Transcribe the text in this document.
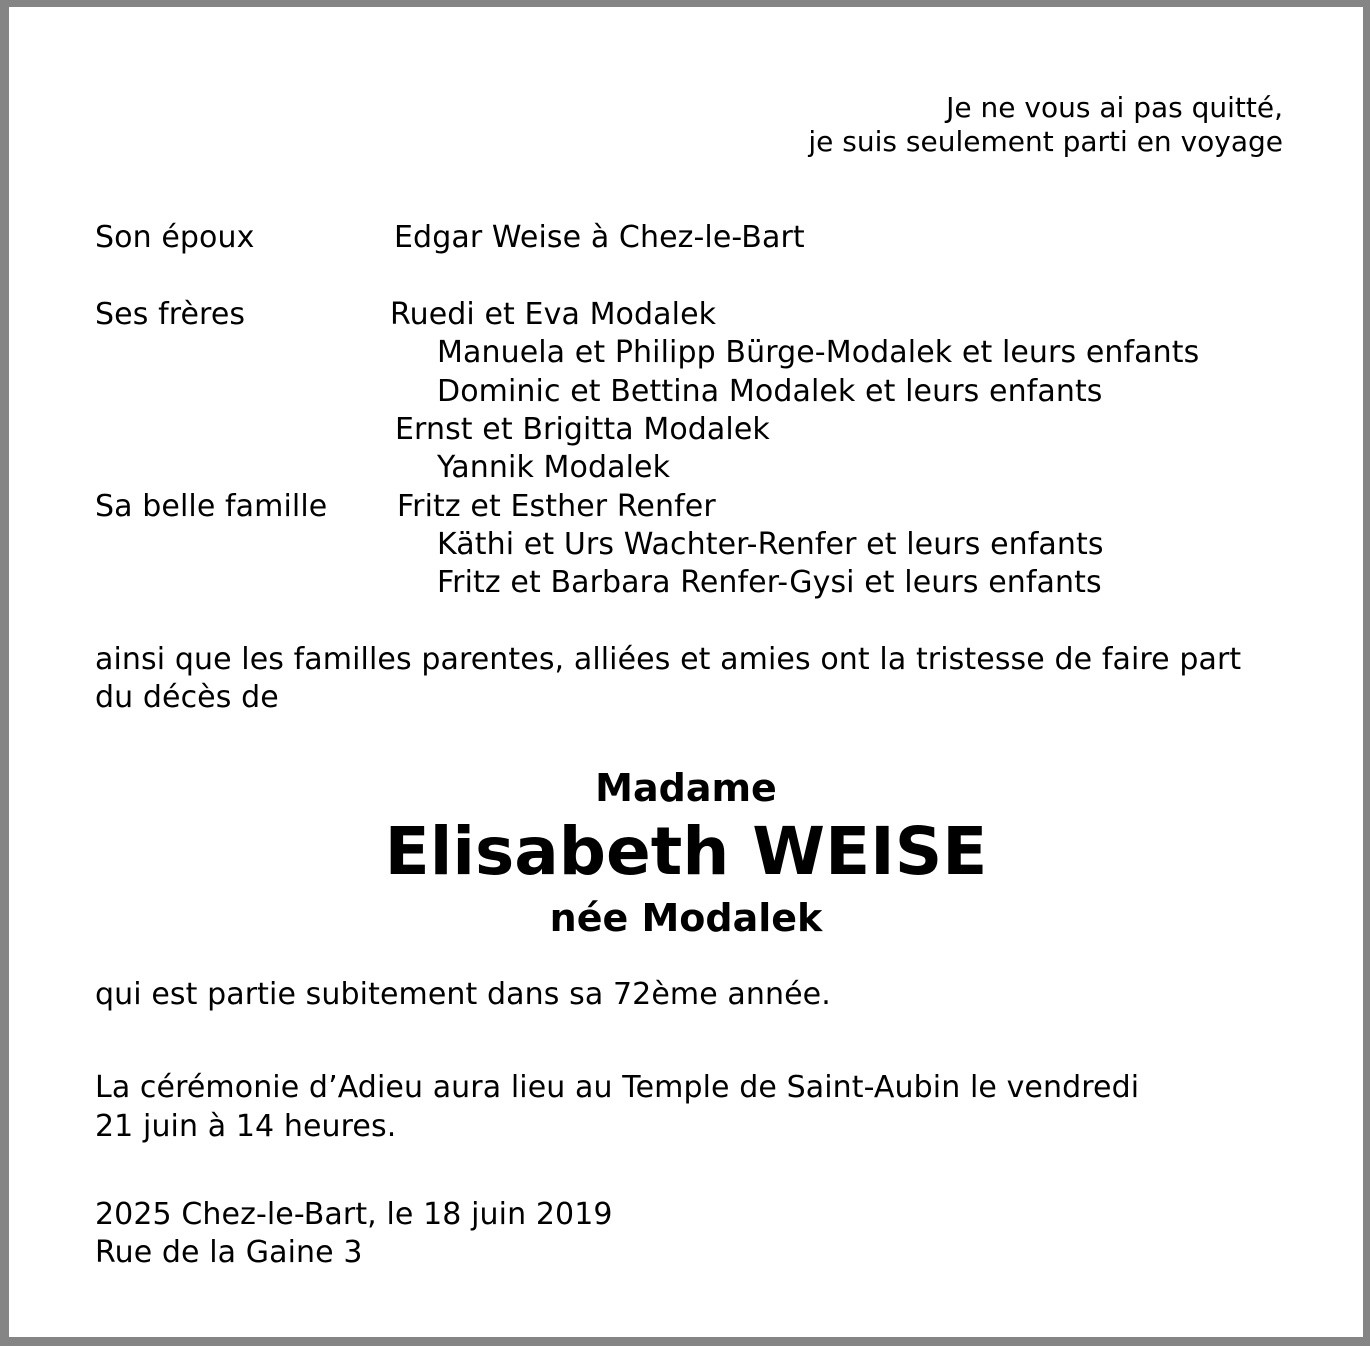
Je ne vous ai pas quitté,
je suis seulement parti en voyage
Son époux	Edgar Weise à Chez-le-Bart
Ses frères	Ruedi et Eva Modalek
Manuela et Philipp Bürge-Modalek et leurs enfants
Dominic et Bettina Modalek et leurs enfants
Ernst et Brigitta Modalek
Yannik Modalek
Sa belle famille Fritz et Esther Renfer
Käthi et Urs Wachter-Renfer et leurs enfants
Fritz et Barbara Renfer-Gysi et leurs enfants
ainsi que les familles parentes, alliées et amies ont la tristesse de faire part
du décès de
Madame
Elisabeth WEISE
née Modalek
qui est partie subitement dans sa 72ème année.
La cérémonie d’Adieu aura lieu au Temple de Saint-Aubin le vendredi
21 juin à 14 heures.
2025 Chez-le-Bart, le 18 juin 2019
Rue de la Gaine 3
